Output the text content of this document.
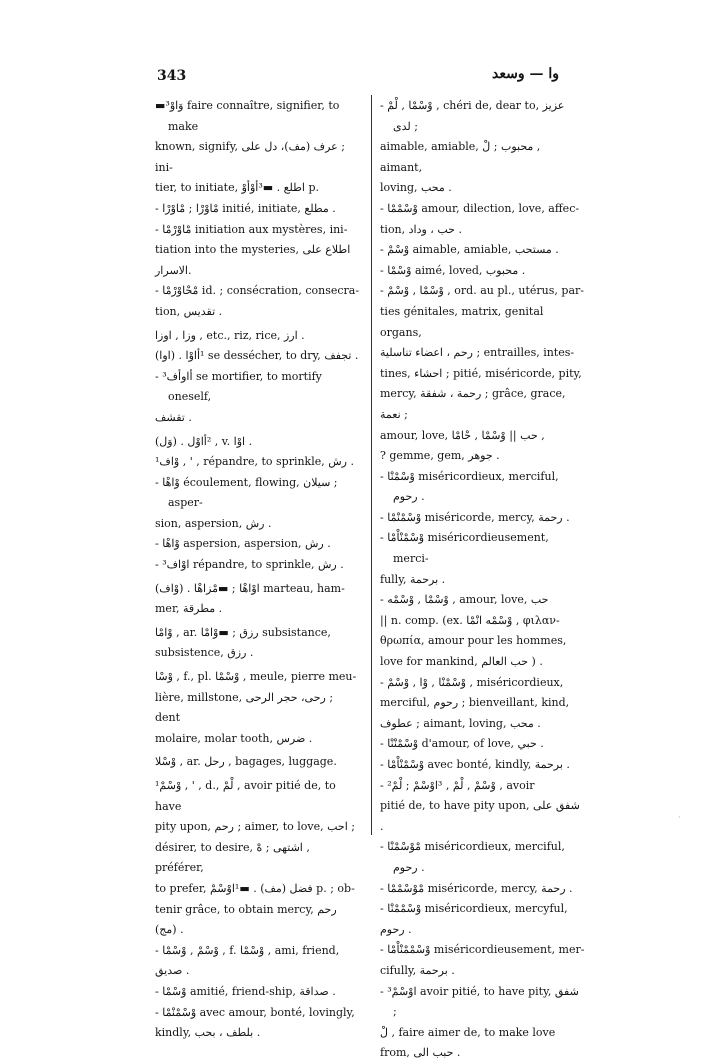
343	وا — وسعد

▬³وَاوْ faire connaître, signifier, to make

known, signify, عرف (مف)، دل على ; ini-

tier, to initiate, اطلع . ▬³أوْأوْ p.

- مْاوْرْا ; مْاوْرْا initié, initiate, مطلع .

- مْاوْرْمْا initiation aux mystères, ini-

tiation into the mysteries, اطلاع على الاسرار.

- مْحْاوْرْمْا id. ; consécration, consecra-

tion, تقديس .

وزا , اوزا , etc., riz, rice, ارز .

(اوا) . ¹أاوْا se dessécher, to dry, تجفف .

- ³أاوأف se mortifier, to mortify oneself,

تقشف .

(وَل) . ²أاوْل , v. اوْا .

¹وْاف , ' , répandre, to sprinkle, رش .

- وْاهْا écoulement, flowing, سيلان ; asper-

sion, aspersion, رش .

- وْاهْا aspersion, aspersion, رش .

- ³اوْاف répandre, to sprinkle, رش .

(وْاف) . اوْاهْا ; ▬مْزاهْا marteau, ham-

mer, مطرقة .

وْامْا , ar. رزق ; ▬وْامْا subsistance,

subsistence, رزق .

وْسْا , f., pl. وْسْمْا , meule, pierre meu-

lière, millstone, رحى، حجر الرحى ; dent

molaire, molar tooth, ضرس .

وْسْلا , ar. رحل , bagages, luggage.

¹وْسْمْ , ' , d., لْمْ , avoir pitié de, to have

pity upon, رحم ; aimer, to love, احب ;

désirer, to desire, اشتهى ; هْ , préférer,

to prefer, فضل (مف) . ▬¹اوْسْمْ p. ; ob-

tenir grâce, to obtain mercy, رحم (مج) .

- وْسْمْ , وْسْمْا , f. وْسْمْا , ami, friend,

صديق .

- وْسْمْا amitié, friend-ship, صداقة .

- وْسْمْنْمْا avec amour, bonté, lovingly,

kindly, بلطف ، بحب .

- وْسْمْا , لْمْ , chéri de, dear to, عزيز لدى ;

aimable, amiable, محبوب ; لْ , aimant,

loving, محب .

- وْسْمْمْا amour, dilection, love, affec-

tion, حب ، وداد .

- وْسْمْ aimable, amiable, مستحب .

- وْسْمْا aimé, loved, محبوب .

- وْسْمْا , وْسْمْ , ord. au pl., utérus, par-

ties génitales, matrix, genital organs,

رحم ، اعضاء تناسلية ; entrailles, intes-

tines, احشاء ; pitié, miséricorde, pity,

mercy, رحمة ، شفقة ; grâce, grace, نعمة ;

amour, love, حب || وْسْمْا , حْامْا ,

? gemme, gem, جوهر .

- وْسْمْنْا miséricordieux, merciful, رحوم .

- وْسْمْنْمْا miséricorde, mercy, رحمة .

- وْسْمْنْاْمْا miséricordieusement, merci-

fully, برحمة .

- وْسْمْا , وْسْمْه , amour, love, حب

|| n. comp. (ex. وْسْمْه انْمْا , φιλαν-

θρωπία, amour pour les hommes,

love for mankind, حب العالم ) .

- وْسْمْنْا , وْا , وْسْمْ , miséricordieux,

merciful, رحوم ; bienveillant, kind,

عطوف ; aimant, loving, محب .

- وْسْمْنْنْا d'amour, of love, حبي .

- وْسْمْنْاْمْا avec bonté, kindly, برحمة .

- ²وْسْمْ , لْمْ , ³اوْسْمْ ; لْمْ , avoir

pitié de, to have pity upon, شفق على .

- مْوْسْمْنْا miséricordieux, merciful, رحوم .

- مْوْسْمْمْا miséricorde, mercy, رحمة .

- وْسْمْمْنْا miséricordieux, mercyful,

رحوم .

- وْسْمْمْنْاْمْا miséricordieusement, mer-

cifully, برحمة .

- ³اوْسْمْ avoir pitié, to have pity, شفق ;

لْ , faire aimer de, to make love

from, حبب الى .

·
